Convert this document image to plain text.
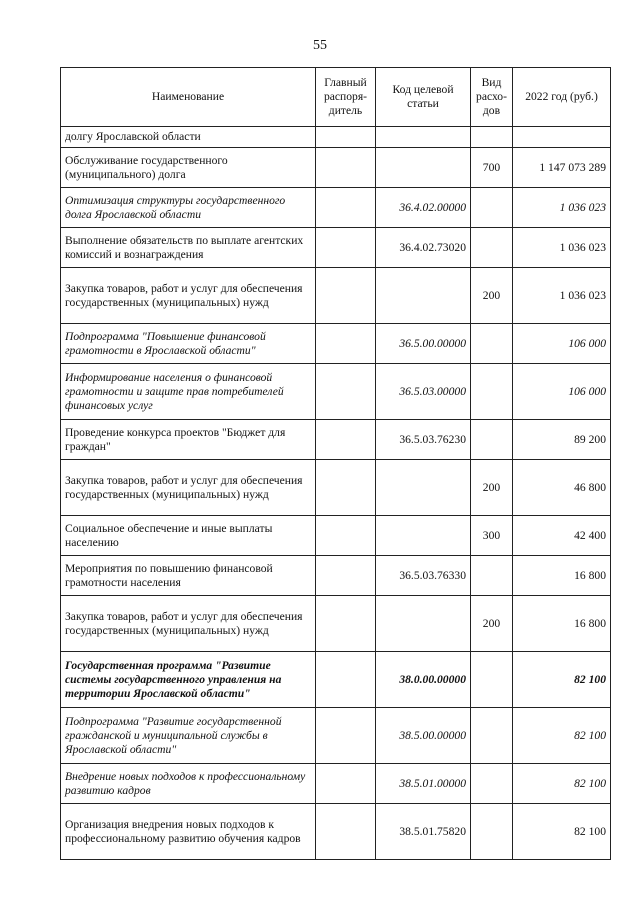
55
Наименование	Главный распоря-дитель	Код целевой статьи	Вид расхо-дов	2022 год (руб.)
долгу Ярославской области				
Обслуживание государственного (муниципального) долга			700	1 147 073 289
Оптимизация структуры государственного долга Ярославской области		36.4.02.00000		1 036 023
Выполнение обязательств по выплате агентских комиссий и вознаграждения		36.4.02.73020		1 036 023
Закупка товаров, работ и услуг для обеспечения государственных (муниципальных) нужд			200	1 036 023
Подпрограмма "Повышение финансовой грамотности в Ярославской области"		36.5.00.00000		106 000
Информирование населения о финансовой грамотности и защите прав потребителей финансовых услуг		36.5.03.00000		106 000
Проведение конкурса проектов "Бюджет для граждан"		36.5.03.76230		89 200
Закупка товаров, работ и услуг для обеспечения государственных (муниципальных) нужд			200	46 800
Социальное обеспечение и иные выплаты населению			300	42 400
Мероприятия по повышению финансовой грамотности населения		36.5.03.76330		16 800
Закупка товаров, работ и услуг для обеспечения государственных (муниципальных) нужд			200	16 800
Государственная программа "Развитие системы государственного управления на территории Ярославской области"		38.0.00.00000		82 100
Подпрограмма "Развитие государственной гражданской и муниципальной службы в Ярославской области"		38.5.00.00000		82 100
Внедрение новых подходов к профессиональному развитию кадров		38.5.01.00000		82 100
Организация внедрения новых подходов к профессиональному развитию обучения кадров		38.5.01.75820		82 100
